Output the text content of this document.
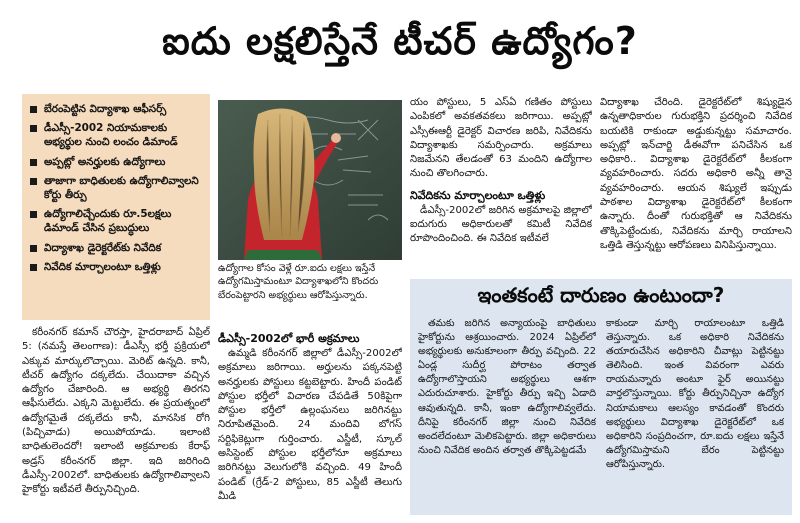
ఐదు లక్షలిస్తేనే టీచర్ ఉద్యోగం?
బేరంపెట్టిన విద్యాశాఖ ఆఫీసర్స్
డీఎస్సీ-2002 నియామకాలకు అభ్యర్థుల నుంచి లంచం డిమాండ్
అప్పట్లో అనర్హులకు ఉద్యోగాలు
తాజాగా బాధితులకు ఉద్యోగాలివ్వాలని కోర్టు తీర్పు
ఉద్యోగాలిచ్చేందుకు రూ.5లక్షలు డిమాండ్ చేసిన ప్రబుద్ధులు
విద్యాశాఖ డైరెక్టరేట్‌కు నివేదిక
నివేదిక మార్చాలంటూ ఒత్తిళ్లు	ఉద్యోగాల కోసం వెళ్లే రూ.ఐదు లక్షలు ఇస్తేనే ఉద్యోగమిస్తామంటూ విద్యాశాఖలోని కొందరు బేరంపెట్టారని అభ్యర్థులు ఆరోపిస్తున్నారు.

కరీంనగర్ కమాన్ చౌరస్తా, హైదరాబాద్ ఏప్రిల్ 5: (నమస్తే తెలంగాణ): డీఎస్సీ భర్తీ ప్రక్రియలో ఎక్కువ మార్కులొచ్చాయి. మెరిట్ ఉన్నది. కానీ, టీచర్ ఉద్యోగం దక్కలేదు. చేయిదాకా వచ్చిన ఉద్యోగం చేజారింది. ఆ అభ్యర్థి తిరగని ఆఫీసులేదు. ఎక్కని మెట్టులేదు. ఈ ప్రయత్నంలో ఉద్యోగమైతే దక్కలేదు కానీ, మానసిక రోగి (పిచ్చివాడు) అయిపోయాడు. ఇలాంటి బాధితులెందరో! ఇలాంటి అక్రమాలకు కేరాఫ్ అడ్రస్ కరీంనగర్ జిల్లా. ఇది జరిగింది డీఎస్సీ-2002లో. బాధితులకు ఉద్యోగాలివ్వాలని హైకోర్టు ఇటీవలే తీర్పునిచ్చింది.

డీఎస్సీ-2002లో భారీ అక్రమాలు

ఉమ్మడి కరీంనగర్ జిల్లాలో డీఎస్సీ-2002లో అక్రమాలు జరిగాయి. అర్హులను పక్కనపెట్టి అనర్హులకు పోస్టులు కట్టబెట్టారు. హిందీ పండిట్ పోస్టుల భర్తీలో విచారణ చేపడితే 50కిపైగా పోస్టుల భర్తీలో ఉల్లంఘనలు జరిగినట్టు నిరూపితమైంది. 24 మందివి బోగస్ సర్టిఫికెట్లుగా గుర్తించారు. ఎస్జీటీ, స్కూల్ అసిస్టెంట్ పోస్టుల భర్తీలోనూ అక్రమాలు జరిగినట్టు వెలుగులోకి వచ్చింది. 49 హిందీ పండిట్ (గ్రేడ్-2 పోస్టులు, 85 ఎస్జీటీ తెలుగు మీడి

యం పోస్టులు, 5 ఎస్ఏ గణితం పోస్టులు ఎంపికలో అవకతవకలు జరిగాయి. అప్పట్లో ఎస్సీఈఆర్టీ డైరెక్టర్ విచారణ జరిపి, నివేదికను విద్యాశాఖకు సమర్పించారు. అక్రమాలు నిజమేనని తేలడంతో 63 మందిని ఉద్యోగాల నుంచి తొలగించారు.

నివేదికను మార్చాలంటూ ఒత్తిళ్లు

డీఎస్సీ-2002లో జరిగిన అక్రమాలపై జిల్లాలో ఐదుగురు అధికారులతో కమిటీ నివేదిక రూపొందించింది. ఈ నివేదిక ఇటీవలే

విద్యాశాఖ చేరింది. డైరెక్టరేట్‌లో శిష్యుడైన ఉన్నతాధికారుల గురుభక్తిని ప్రదర్శించి నివేదిక బయటికి రాకుండా అడ్డుకున్నట్టు సమాచారం. అప్పట్లో ఇన్‌చార్జి డీఈవోగా పనిచేసిన ఒక అధికారి.. విద్యాశాఖ డైరెక్టరేట్‌లో కీలకంగా వ్యవహరించారు. సదరు అధికారి అన్నీ తానై వ్యవహరించారు. ఆయన శిష్యులే ఇప్పుడు పాఠశాల విద్యాశాఖ డైరెక్టరేట్‌లో కీలకంగా ఉన్నారు. దీంతో గురుభక్తితో ఆ నివేదికను తొక్కిపెట్టేందుకు, నివేదికను మార్చి రాయాలని ఒత్తిడి తెస్తున్నట్టు ఆరోపణలు వినిపిస్తున్నాయి.

ఇంతకంటే దారుణం ఉంటుందా?

తమకు జరిగిన అన్యాయంపై బాధితులు హైకోర్టును ఆశ్రయించారు. 2024 ఏప్రిల్‌లో అభ్యర్థులకు అనుకూలంగా తీర్పు వచ్చింది. 22 ఏండ్ల సుదీర్ఘ పోరాటం తర్వాత ఉద్యోగాలొస్తాయని అభ్యర్థులు ఆశగా ఎదురుచూశారు. హైకోర్టు తీర్పు ఇచ్చి ఏడాది ఆవుతున్నది. కానీ, ఇంకా ఉద్యోగాలివ్వలేదు. దీనిపై కరీంనగర్ జిల్లా నుంచి నివేదిక అందలేదంటూ మెలికపెట్టారు. జిల్లా అధికారులు నుంచి నివేదిక అందిన తర్వాత తొక్కిపెట్టడమే

కాకుండా మార్చి రాయాలంటూ ఒత్తిడి తెస్తున్నారు. ఒక అధికారి నివేదికను తయారుచేసిన అధికారిని చీవాట్లు పెట్టినట్టు తెలిసింది. ఇంత వివరంగా ఎవరు రాయమన్నారు అంటూ ఫైర్ అయినట్టు వార్తలొస్తున్నాయి. కోర్టు తీర్పునిచ్చినా ఉద్యోగ నియామకాలు ఆలస్యం కావడంతో కొందరు అభ్యర్థులు విద్యాశాఖ డైరెక్టరేట్‌లో ఒక అధికారిని సంప్రదించగా, రూ.ఐదు లక్షలు ఇస్తేనే ఉద్యోగమిస్తామని బేరం పెట్టినట్టు ఆరోపిస్తున్నారు.
